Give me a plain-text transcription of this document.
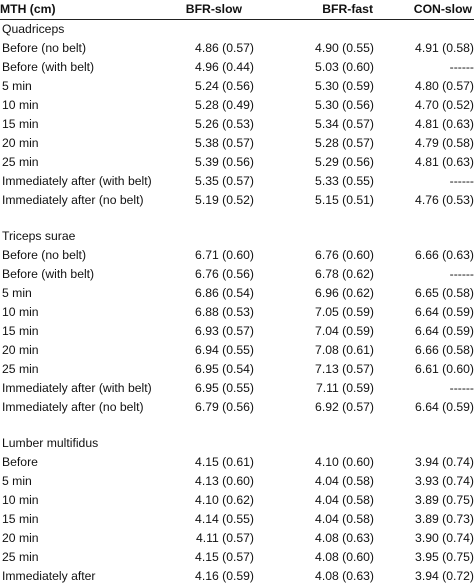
MTH (cm)	BFR-slow	BFR-fast	CON-slow
Quadriceps
Before (no belt)	4.86 (0.57)	4.90 (0.55)	4.91 (0.58)
Before (with belt)	4.96 (0.44)	5.03 (0.60)	------
5 min	5.24 (0.56)	5.30 (0.59)	4.80 (0.57)
10 min	5.28 (0.49)	5.30 (0.56)	4.70 (0.52)
15 min	5.26 (0.53)	5.34 (0.57)	4.81 (0.63)
20 min	5.38 (0.57)	5.28 (0.57)	4.79 (0.58)
25 min	5.39 (0.56)	5.29 (0.56)	4.81 (0.63)
Immediately after (with belt)	5.35 (0.57)	5.33 (0.55)	------
Immediately after (no belt)	5.19 (0.52)	5.15 (0.51)	4.76 (0.53)
Triceps surae
Before (no belt)	6.71 (0.60)	6.76 (0.60)	6.66 (0.63)
Before (with belt)	6.76 (0.56)	6.78 (0.62)	------
5 min	6.86 (0.54)	6.96 (0.62)	6.65 (0.58)
10 min	6.88 (0.53)	7.05 (0.59)	6.64 (0.59)
15 min	6.93 (0.57)	7.04 (0.59)	6.64 (0.59)
20 min	6.94 (0.55)	7.08 (0.61)	6.66 (0.58)
25 min	6.95 (0.54)	7.13 (0.57)	6.61 (0.60)
Immediately after (with belt)	6.95 (0.55)	7.11 (0.59)	------
Immediately after (no belt)	6.79 (0.56)	6.92 (0.57)	6.64 (0.59)
Lumber multifidus
Before	4.15 (0.61)	4.10 (0.60)	3.94 (0.74)
5 min	4.13 (0.60)	4.04 (0.58)	3.93 (0.74)
10 min	4.10 (0.62)	4.04 (0.58)	3.89 (0.75)
15 min	4.14 (0.55)	4.04 (0.58)	3.89 (0.73)
20 min	4.11 (0.57)	4.08 (0.63)	3.90 (0.74)
25 min	4.15 (0.57)	4.08 (0.60)	3.95 (0.75)
Immediately after	4.16 (0.59)	4.08 (0.63)	3.94 (0.72)
